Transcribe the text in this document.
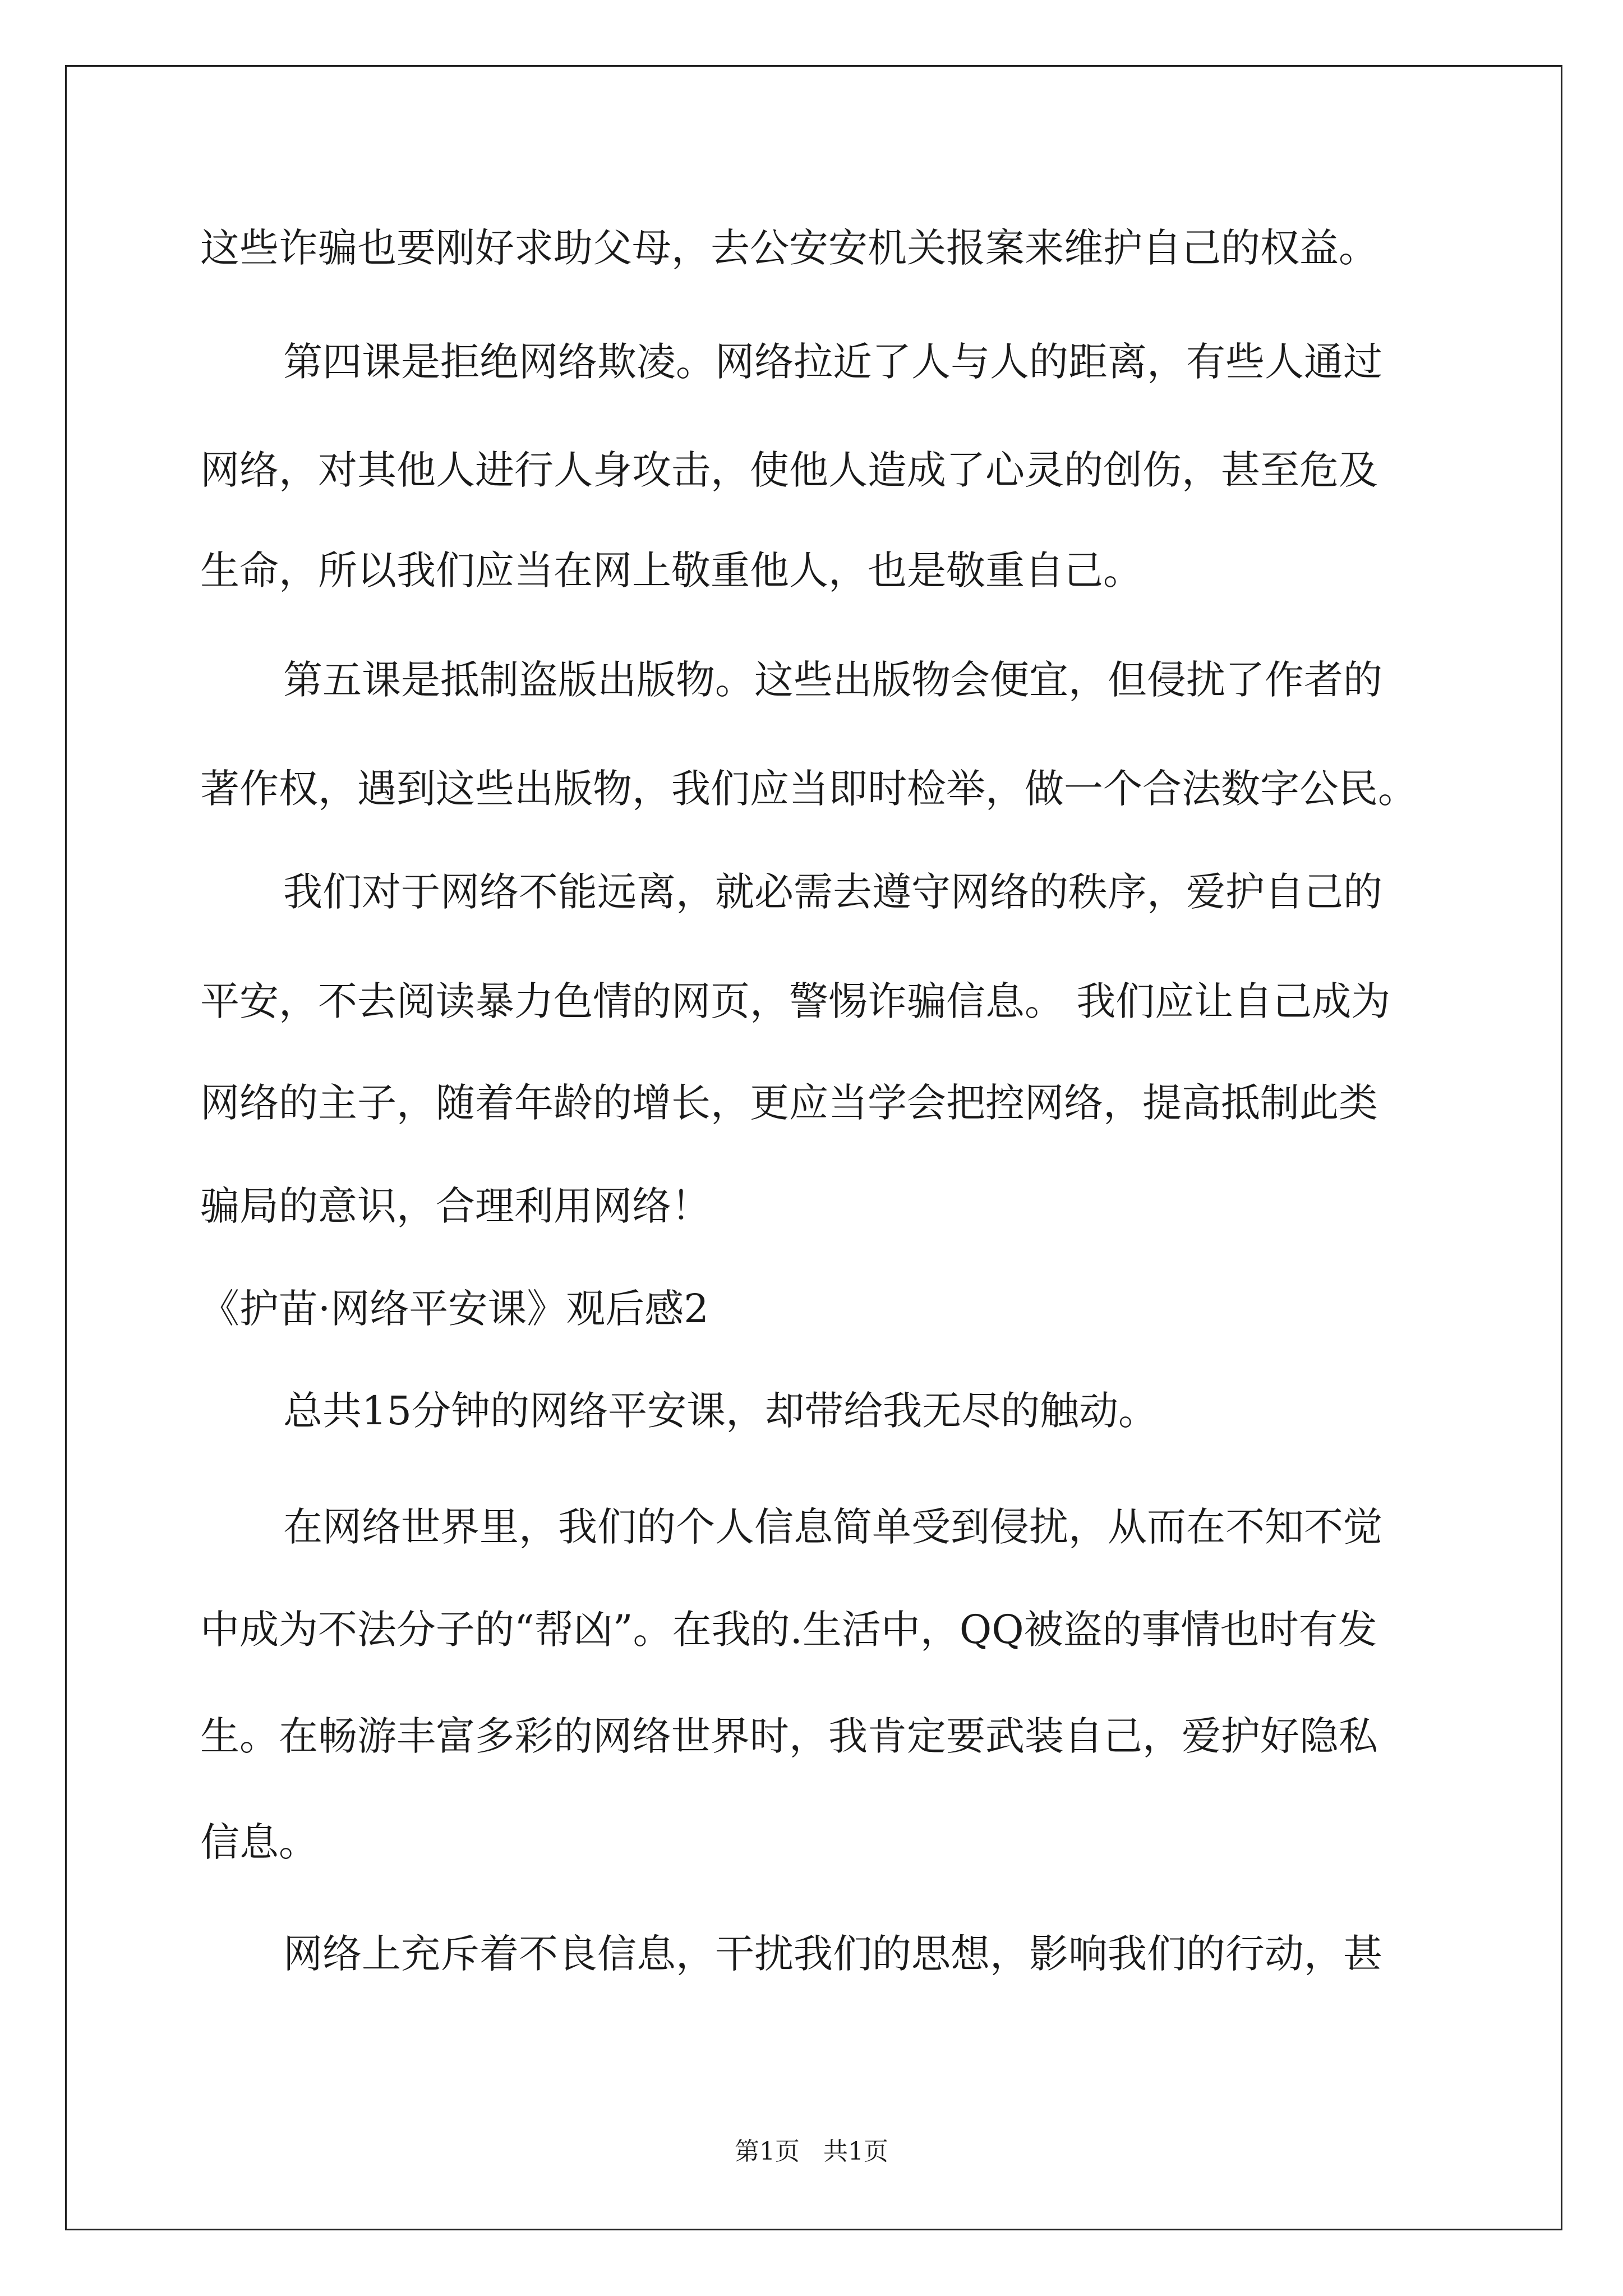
这些诈骗也要刚好求助父母，去公安安机关报案来维护自己的权益。
第四课是拒绝网络欺凌。网络拉近了人与人的距离，有些人通过
网络，对其他人进行人身攻击，使他人造成了心灵的创伤，甚至危及
生命，所以我们应当在网上敬重他人，也是敬重自己。
第五课是抵制盗版出版物。这些出版物会便宜，但侵扰了作者的
著作权，遇到这些出版物，我们应当即时检举，做一个合法数字公民。
我们对于网络不能远离，就必需去遵守网络的秩序，爱护自己的
平安，不去阅读暴力色情的网页，警惕诈骗信息。 我们应让自己成为
网络的主子，随着年龄的增长，更应当学会把控网络，提高抵制此类
骗局的意识，合理利用网络！
《护苗·网络平安课》观后感2
总共15分钟的网络平安课，却带给我无尽的触动。
在网络世界里，我们的个人信息简单受到侵扰，从而在不知不觉
中成为不法分子的“帮凶”。在我的.生活中，QQ被盗的事情也时有发
生。在畅游丰富多彩的网络世界时，我肯定要武装自己，爱护好隐私
信息。
网络上充斥着不良信息，干扰我们的思想，影响我们的行动，甚
第1页   共1页
